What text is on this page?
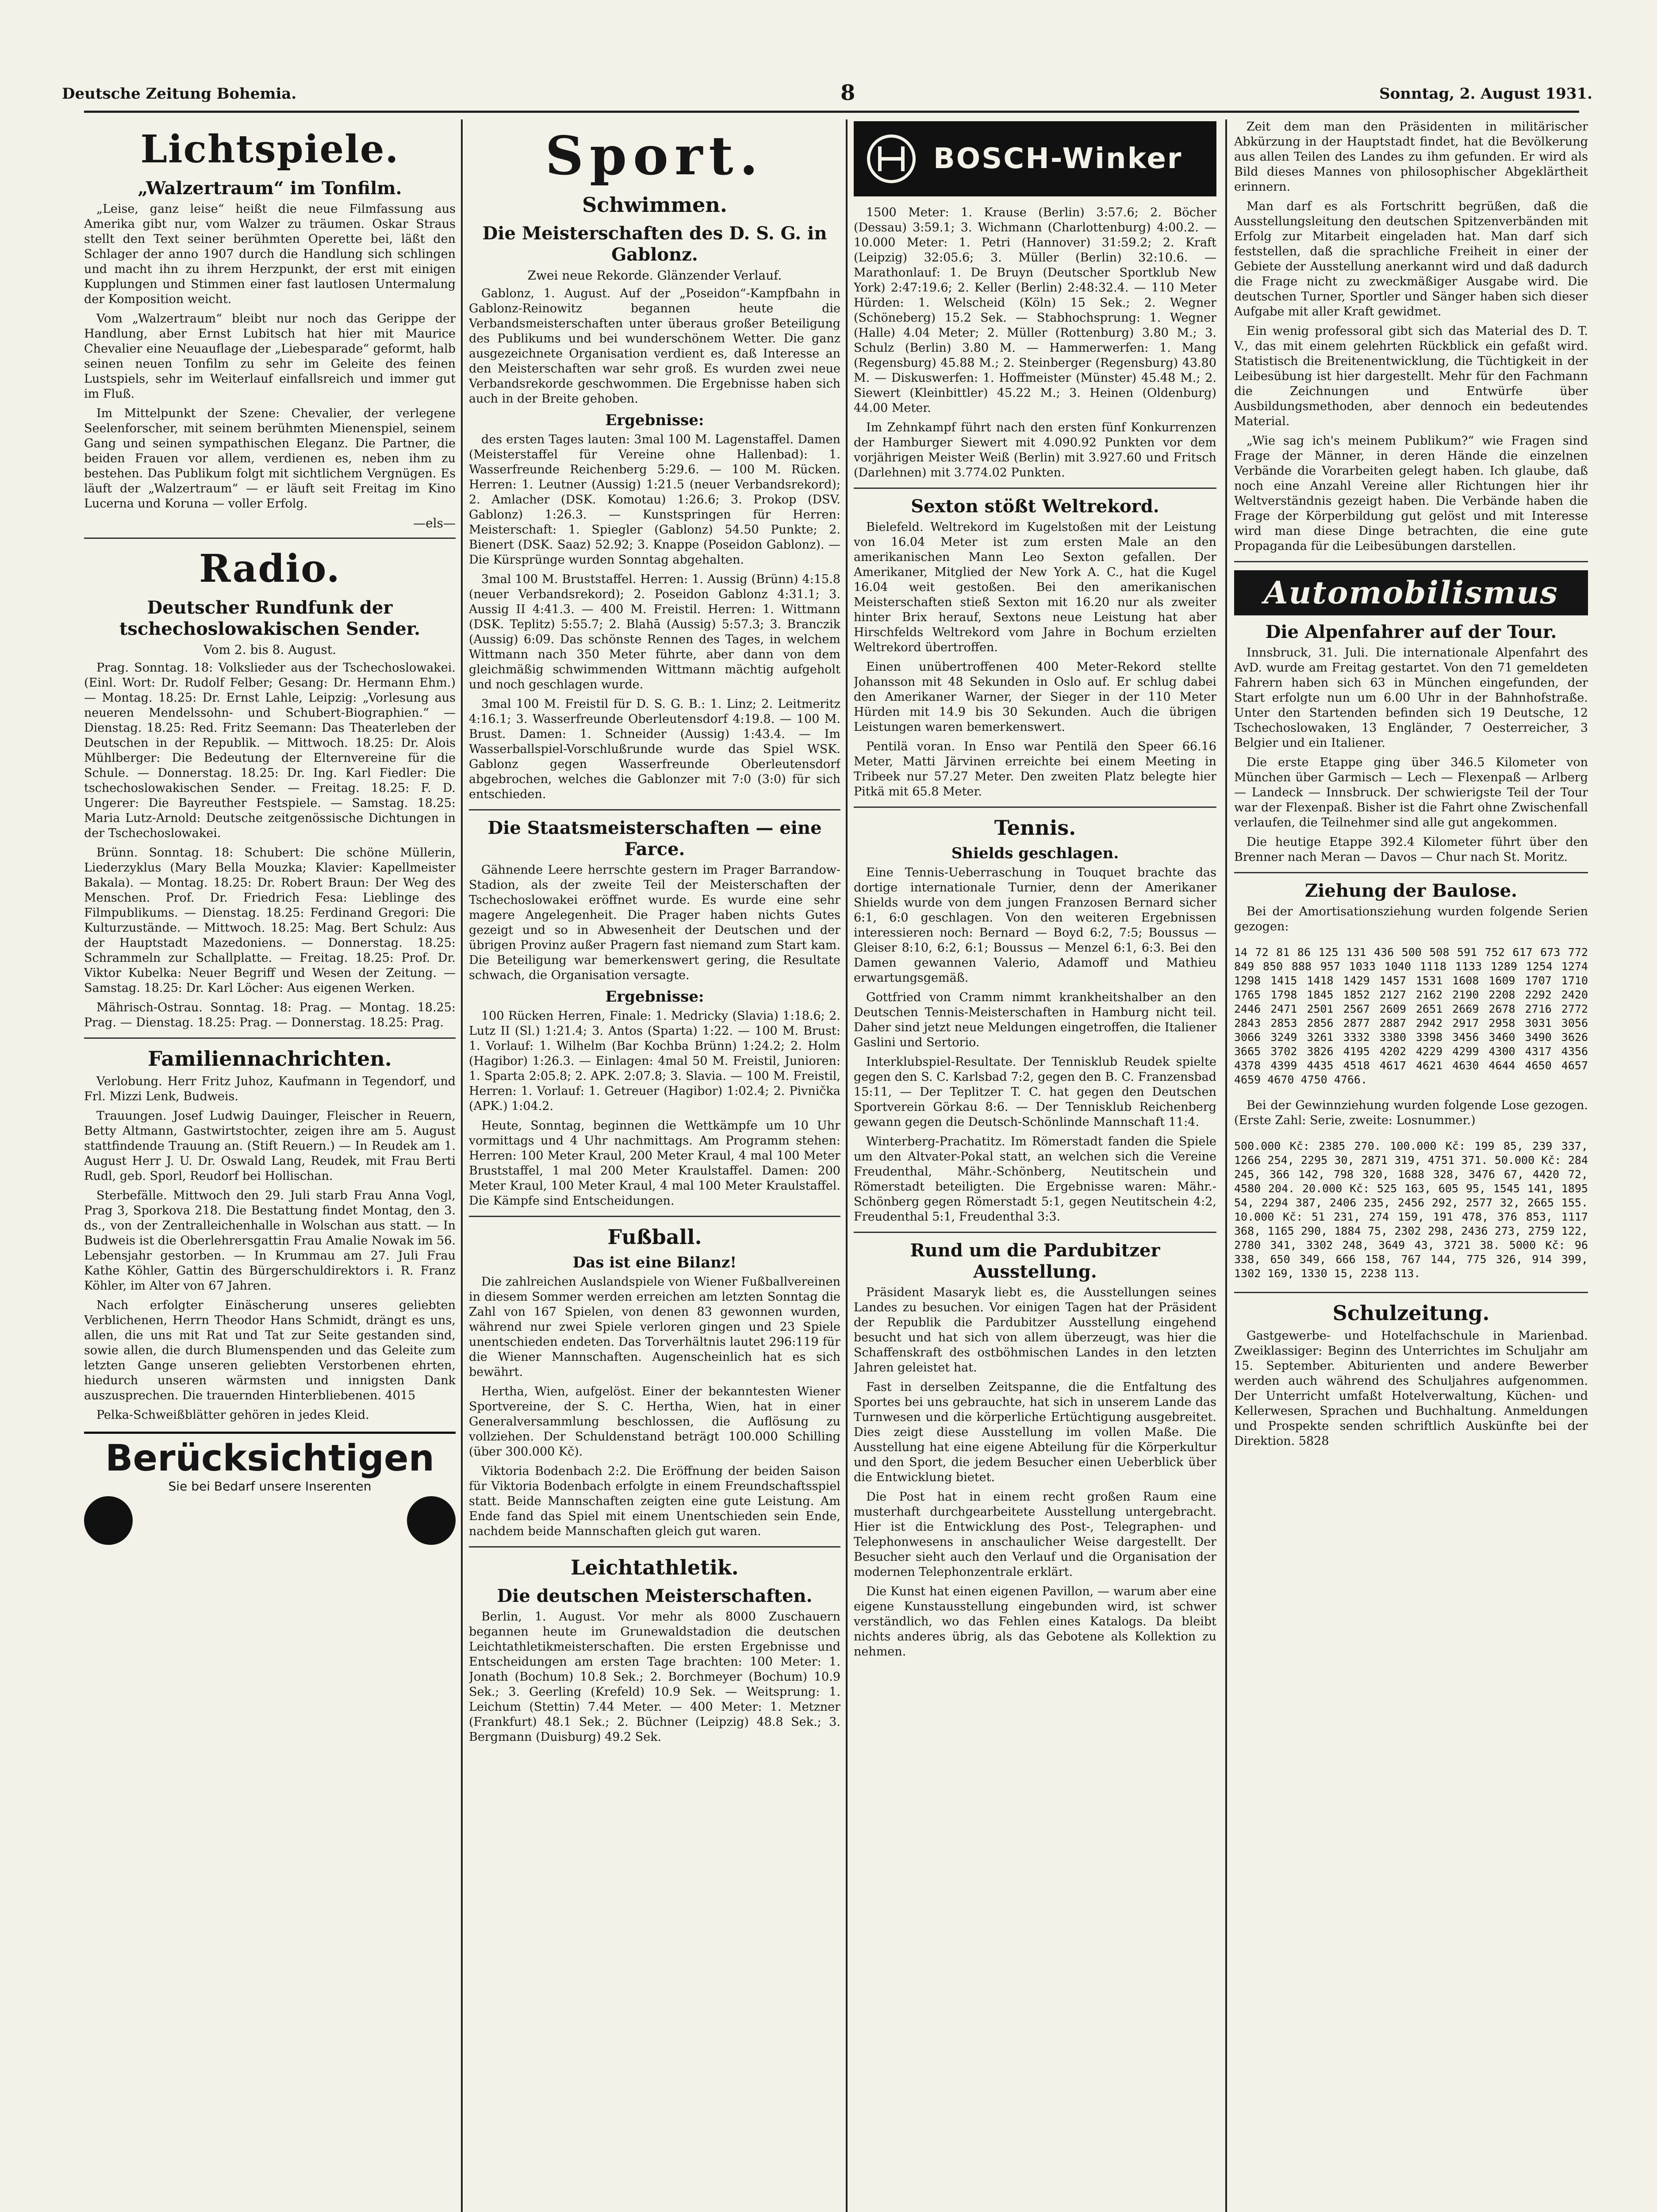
Deutsche Zeitung Bohemia.	8	Sonntag, 2. August 1931.
Lichtspiele.
„Walzertraum“ im Tonfilm.

„Leise, ganz leise“ heißt die neue Filmfassung aus Amerika gibt nur, vom Walzer zu träumen. Oskar Straus stellt den Text seiner berühmten Operette bei, läßt den Schlager der anno 1907 durch die Handlung sich schlingen und macht ihn zu ihrem Herzpunkt, der erst mit einigen Kupplungen und Stimmen einer fast lautlosen Untermalung der Komposition weicht.

Vom „Walzertraum“ bleibt nur noch das Gerippe der Handlung, aber Ernst Lubitsch hat hier mit Maurice Chevalier eine Neuauflage der „Liebesparade“ geformt, halb seinen neuen Tonfilm zu sehr im Geleite des feinen Lustspiels, sehr im Weiterlauf einfallsreich und immer gut im Fluß.

Im Mittelpunkt der Szene: Chevalier, der verlegene Seelenforscher, mit seinem berühmten Mienenspiel, seinem Gang und seinen sympathischen Eleganz. Die Partner, die beiden Frauen vor allem, verdienen es, neben ihm zu bestehen. Das Publikum folgt mit sichtlichem Vergnügen. Es läuft der „Walzertraum“ — er läuft seit Freitag im Kino Lucerna und Koruna — voller Erfolg.

—els—
Radio.
Deutscher Rundfunk der tschechoslowakischen Sender.
Vom 2. bis 8. August.

Prag. Sonntag. 18: Volkslieder aus der Tschechoslowakei. (Einl. Wort: Dr. Rudolf Felber; Gesang: Dr. Hermann Ehm.) — Montag. 18.25: Dr. Ernst Lahle, Leipzig: „Vorlesung aus neueren Mendelssohn- und Schubert-Biographien.“ — Dienstag. 18.25: Red. Fritz Seemann: Das Theaterleben der Deutschen in der Republik. — Mittwoch. 18.25: Dr. Alois Mühlberger: Die Bedeutung der Elternvereine für die Schule. — Donnerstag. 18.25: Dr. Ing. Karl Fiedler: Die tschechoslowakischen Sender. — Freitag. 18.25: F. D. Ungerer: Die Bayreuther Festspiele. — Samstag. 18.25: Maria Lutz-Arnold: Deutsche zeitgenössische Dichtungen in der Tschechoslowakei.

Brünn. Sonntag. 18: Schubert: Die schöne Müllerin, Liederzyklus (Mary Bella Mouzka; Klavier: Kapellmeister Bakala). — Montag. 18.25: Dr. Robert Braun: Der Weg des Menschen. Prof. Dr. Friedrich Fesa: Lieblinge des Filmpublikums. — Dienstag. 18.25: Ferdinand Gregori: Die Kulturzustände. — Mittwoch. 18.25: Mag. Bert Schulz: Aus der Hauptstadt Mazedoniens. — Donnerstag. 18.25: Schrammeln zur Schallplatte. — Freitag. 18.25: Prof. Dr. Viktor Kubelka: Neuer Begriff und Wesen der Zeitung. — Samstag. 18.25: Dr. Karl Löcher: Aus eigenen Werken.

Mährisch-Ostrau. Sonntag. 18: Prag. — Montag. 18.25: Prag. — Dienstag. 18.25: Prag. — Donnerstag. 18.25: Prag.

Familiennachrichten.

Verlobung. Herr Fritz Juhoz, Kaufmann in Tegendorf, und Frl. Mizzi Lenk, Budweis.

Trauungen. Josef Ludwig Dauinger, Fleischer in Reuern, Betty Altmann, Gastwirtstochter, zeigen ihre am 5. August stattfindende Trauung an. (Stift Reuern.) — In Reudek am 1. August Herr J. U. Dr. Oswald Lang, Reudek, mit Frau Berti Rudl, geb. Sporl, Reudorf bei Hollischan.

Sterbefälle. Mittwoch den 29. Juli starb Frau Anna Vogl, Prag 3, Sporkova 218. Die Bestattung findet Montag, den 3. ds., von der Zentralleichenhalle in Wolschan aus statt. — In Budweis ist die Oberlehrersgattin Frau Amalie Nowak im 56. Lebensjahr gestorben. — In Krummau am 27. Juli Frau Kathe Köhler, Gattin des Bürgerschuldirektors i. R. Franz Köhler, im Alter von 67 Jahren.

Nach erfolgter Einäscherung unseres geliebten Verblichenen, Herrn Theodor Hans Schmidt, drängt es uns, allen, die uns mit Rat und Tat zur Seite gestanden sind, sowie allen, die durch Blumenspenden und das Geleite zum letzten Gange unseren geliebten Verstorbenen ehrten, hiedurch unseren wärmsten und innigsten Dank auszusprechen. Die trauernden Hinterbliebenen. 4015

Pelka-Schweißblätter gehören in jedes Kleid.

Berücksichtigen
Sie bei Bedarf unsere Inserenten
Sport.
Schwimmen.
Die Meisterschaften des D. S. G. in Gablonz.
Zwei neue Rekorde. Glänzender Verlauf.

Gablonz, 1. August. Auf der „Poseidon“-Kampfbahn in Gablonz-Reinowitz begannen heute die Verbandsmeisterschaften unter überaus großer Beteiligung des Publikums und bei wunderschönem Wetter. Die ganz ausgezeichnete Organisation verdient es, daß Interesse an den Meisterschaften war sehr groß. Es wurden zwei neue Verbandsrekorde geschwommen. Die Ergebnisse haben sich auch in der Breite gehoben.

Ergebnisse:

des ersten Tages lauten: 3mal 100 M. Lagenstaffel. Damen (Meisterstaffel für Vereine ohne Hallenbad): 1. Wasserfreunde Reichenberg 5:29.6. — 100 M. Rücken. Herren: 1. Leutner (Aussig) 1:21.5 (neuer Verbandsrekord); 2. Amlacher (DSK. Komotau) 1:26.6; 3. Prokop (DSV. Gablonz) 1:26.3. — Kunstspringen für Herren: Meisterschaft: 1. Spiegler (Gablonz) 54.50 Punkte; 2. Bienert (DSK. Saaz) 52.92; 3. Knappe (Poseidon Gablonz). — Die Kürsprünge wurden Sonntag abgehalten.

3mal 100 M. Bruststaffel. Herren: 1. Aussig (Brünn) 4:15.8 (neuer Verbandsrekord); 2. Poseidon Gablonz 4:31.1; 3. Aussig II 4:41.3. — 400 M. Freistil. Herren: 1. Wittmann (DSK. Teplitz) 5:55.7; 2. Blahā (Aussig) 5:57.3; 3. Branczik (Aussig) 6:09. Das schönste Rennen des Tages, in welchem Wittmann nach 350 Meter führte, aber dann von dem gleichmäßig schwimmenden Wittmann mächtig aufgeholt und noch geschlagen wurde.

3mal 100 M. Freistil für D. S. G. B.: 1. Linz; 2. Leitmeritz 4:16.1; 3. Wasserfreunde Oberleutensdorf 4:19.8. — 100 M. Brust. Damen: 1. Schneider (Aussig) 1:43.4. — Im Wasserballspiel-Vorschlußrunde wurde das Spiel WSK. Gablonz gegen Wasserfreunde Oberleutensdorf abgebrochen, welches die Gablonzer mit 7:0 (3:0) für sich entschieden.

Die Staatsmeisterschaften — eine Farce.

Gähnende Leere herrschte gestern im Prager Barrandow-Stadion, als der zweite Teil der Meisterschaften der Tschechoslowakei eröffnet wurde. Es wurde eine sehr magere Angelegenheit. Die Prager haben nichts Gutes gezeigt und so in Abwesenheit der Deutschen und der übrigen Provinz außer Pragern fast niemand zum Start kam. Die Beteiligung war bemerkenswert gering, die Resultate schwach, die Organisation versagte.

Ergebnisse:

100 Rücken Herren, Finale: 1. Medricky (Slavia) 1:18.6; 2. Lutz II (Sl.) 1:21.4; 3. Antos (Sparta) 1:22. — 100 M. Brust: 1. Vorlauf: 1. Wilhelm (Bar Kochba Brünn) 1:24.2; 2. Holm (Hagibor) 1:26.3. — Einlagen: 4mal 50 M. Freistil, Junioren: 1. Sparta 2:05.8; 2. APK. 2:07.8; 3. Slavia. — 100 M. Freistil, Herren: 1. Vorlauf: 1. Getreuer (Hagibor) 1:02.4; 2. Pivnička (APK.) 1:04.2.

Heute, Sonntag, beginnen die Wettkämpfe um 10 Uhr vormittags und 4 Uhr nachmittags. Am Programm stehen: Herren: 100 Meter Kraul, 200 Meter Kraul, 4 mal 100 Meter Bruststaffel, 1 mal 200 Meter Kraulstaffel. Damen: 200 Meter Kraul, 100 Meter Kraul, 4 mal 100 Meter Kraulstaffel. Die Kämpfe sind Entscheidungen.

Fußball.
Das ist eine Bilanz!

Die zahlreichen Auslandspiele von Wiener Fußballvereinen in diesem Sommer werden erreichen am letzten Sonntag die Zahl von 167 Spielen, von denen 83 gewonnen wurden, während nur zwei Spiele verloren gingen und 23 Spiele unentschieden endeten. Das Torverhältnis lautet 296:119 für die Wiener Mannschaften. Augenscheinlich hat es sich bewährt.

Hertha, Wien, aufgelöst. Einer der bekanntesten Wiener Sportvereine, der S. C. Hertha, Wien, hat in einer Generalversammlung beschlossen, die Auflösung zu vollziehen. Der Schuldenstand beträgt 100.000 Schilling (über 300.000 Kč).

Viktoria Bodenbach 2:2. Die Eröffnung der beiden Saison für Viktoria Bodenbach erfolgte in einem Freundschaftsspiel statt. Beide Mannschaften zeigten eine gute Leistung. Am Ende fand das Spiel mit einem Unentschieden sein Ende, nachdem beide Mannschaften gleich gut waren.

Leichtathletik.
Die deutschen Meisterschaften.

Berlin, 1. August. Vor mehr als 8000 Zuschauern begannen heute im Grunewaldstadion die deutschen Leichtathletikmeisterschaften. Die ersten Ergebnisse und Entscheidungen am ersten Tage brachten: 100 Meter: 1. Jonath (Bochum) 10.8 Sek.; 2. Borchmeyer (Bochum) 10.9 Sek.; 3. Geerling (Krefeld) 10.9 Sek. — Weitsprung: 1. Leichum (Stettin) 7.44 Meter. — 400 Meter: 1. Metzner (Frankfurt) 48.1 Sek.; 2. Büchner (Leipzig) 48.8 Sek.; 3. Bergmann (Duisburg) 49.2 Sek.

BOSCH-Winker

1500 Meter: 1. Krause (Berlin) 3:57.6; 2. Böcher (Dessau) 3:59.1; 3. Wichmann (Charlottenburg) 4:00.2. — 10.000 Meter: 1. Petri (Hannover) 31:59.2; 2. Kraft (Leipzig) 32:05.6; 3. Müller (Berlin) 32:10.6. — Marathonlauf: 1. De Bruyn (Deutscher Sportklub New York) 2:47:19.6; 2. Keller (Berlin) 2:48:32.4. — 110 Meter Hürden: 1. Welscheid (Köln) 15 Sek.; 2. Wegner (Schöneberg) 15.2 Sek. — Stabhochsprung: 1. Wegner (Halle) 4.04 Meter; 2. Müller (Rottenburg) 3.80 M.; 3. Schulz (Berlin) 3.80 M. — Hammerwerfen: 1. Mang (Regensburg) 45.88 M.; 2. Steinberger (Regensburg) 43.80 M. — Diskuswerfen: 1. Hoffmeister (Münster) 45.48 M.; 2. Siewert (Kleinbittler) 45.22 M.; 3. Heinen (Oldenburg) 44.00 Meter.

Im Zehnkampf führt nach den ersten fünf Konkurrenzen der Hamburger Siewert mit 4.090.92 Punkten vor dem vorjährigen Meister Weiß (Berlin) mit 3.927.60 und Fritsch (Darlehnen) mit 3.774.02 Punkten.

Sexton stößt Weltrekord.

Bielefeld. Weltrekord im Kugelstoßen mit der Leistung von 16.04 Meter ist zum ersten Male an den amerikanischen Mann Leo Sexton gefallen. Der Amerikaner, Mitglied der New York A. C., hat die Kugel 16.04 weit gestoßen. Bei den amerikanischen Meisterschaften stieß Sexton mit 16.20 nur als zweiter hinter Brix herauf, Sextons neue Leistung hat aber Hirschfelds Weltrekord vom Jahre in Bochum erzielten Weltrekord übertroffen.

Einen unübertroffenen 400 Meter-Rekord stellte Johansson mit 48 Sekunden in Oslo auf. Er schlug dabei den Amerikaner Warner, der Sieger in der 110 Meter Hürden mit 14.9 bis 30 Sekunden. Auch die übrigen Leistungen waren bemerkenswert.

Pentilä voran. In Enso war Pentilä den Speer 66.16 Meter, Matti Järvinen erreichte bei einem Meeting in Tribeek nur 57.27 Meter. Den zweiten Platz belegte hier Pitkä mit 65.8 Meter.

Tennis.
Shields geschlagen.

Eine Tennis-Ueberraschung in Touquet brachte das dortige internationale Turnier, denn der Amerikaner Shields wurde von dem jungen Franzosen Bernard sicher 6:1, 6:0 geschlagen. Von den weiteren Ergebnissen interessieren noch: Bernard — Boyd 6:2, 7:5; Boussus — Gleiser 8:10, 6:2, 6:1; Boussus — Menzel 6:1, 6:3. Bei den Damen gewannen Valerio, Adamoff und Mathieu erwartungsgemäß.

Gottfried von Cramm nimmt krankheitshalber an den Deutschen Tennis-Meisterschaften in Hamburg nicht teil. Daher sind jetzt neue Meldungen eingetroffen, die Italiener Gaslini und Sertorio.

Interklubspiel-Resultate. Der Tennisklub Reudek spielte gegen den S. C. Karlsbad 7:2, gegen den B. C. Franzensbad 15:11, — Der Teplitzer T. C. hat gegen den Deutschen Sportverein Görkau 8:6. — Der Tennisklub Reichenberg gewann gegen die Deutsch-Schönlinde Mannschaft 11:4.

Winterberg-Prachatitz. Im Römerstadt fanden die Spiele um den Altvater-Pokal statt, an welchen sich die Vereine Freudenthal, Mähr.-Schönberg, Neutitschein und Römerstadt beteiligten. Die Ergebnisse waren: Mähr.-Schönberg gegen Römerstadt 5:1, gegen Neutitschein 4:2, Freudenthal 5:1, Freudenthal 3:3.

Rund um die Pardubitzer Ausstellung.

Präsident Masaryk liebt es, die Ausstellungen seines Landes zu besuchen. Vor einigen Tagen hat der Präsident der Republik die Pardubitzer Ausstellung eingehend besucht und hat sich von allem überzeugt, was hier die Schaffenskraft des ostböhmischen Landes in den letzten Jahren geleistet hat.

Fast in derselben Zeitspanne, die die Entfaltung des Sportes bei uns gebrauchte, hat sich in unserem Lande das Turnwesen und die körperliche Ertüchtigung ausgebreitet. Dies zeigt diese Ausstellung im vollen Maße. Die Ausstellung hat eine eigene Abteilung für die Körperkultur und den Sport, die jedem Besucher einen Ueberblick über die Entwicklung bietet.

Die Post hat in einem recht großen Raum eine musterhaft durchgearbeitete Ausstellung untergebracht. Hier ist die Entwicklung des Post-, Telegraphen- und Telephonwesens in anschaulicher Weise dargestellt. Der Besucher sieht auch den Verlauf und die Organisation der modernen Telephonzentrale erklärt.

Die Kunst hat einen eigenen Pavillon, — warum aber eine eigene Kunstausstellung eingebunden wird, ist schwer verständlich, wo das Fehlen eines Katalogs. Da bleibt nichts anderes übrig, als das Gebotene als Kollektion zu nehmen.

Zeit dem man den Präsidenten in militärischer Abkürzung in der Hauptstadt findet, hat die Bevölkerung aus allen Teilen des Landes zu ihm gefunden. Er wird als Bild dieses Mannes von philosophischer Abgeklärtheit erinnern.

Man darf es als Fortschritt begrüßen, daß die Ausstellungsleitung den deutschen Spitzenverbänden mit Erfolg zur Mitarbeit eingeladen hat. Man darf sich feststellen, daß die sprachliche Freiheit in einer der Gebiete der Ausstellung anerkannt wird und daß dadurch die Frage nicht zu zweckmäßiger Ausgabe wird. Die deutschen Turner, Sportler und Sänger haben sich dieser Aufgabe mit aller Kraft gewidmet.

Ein wenig professoral gibt sich das Material des D. T. V., das mit einem gelehrten Rückblick ein gefaßt wird. Statistisch die Breitenentwicklung, die Tüchtigkeit in der Leibesübung ist hier dargestellt. Mehr für den Fachmann die Zeichnungen und Entwürfe über Ausbildungsmethoden, aber dennoch ein bedeutendes Material.

„Wie sag ich's meinem Publikum?“ wie Fragen sind Frage der Männer, in deren Hände die einzelnen Verbände die Vorarbeiten gelegt haben. Ich glaube, daß noch eine Anzahl Vereine aller Richtungen hier ihr Weltverständnis gezeigt haben. Die Verbände haben die Frage der Körperbildung gut gelöst und mit Interesse wird man diese Dinge betrachten, die eine gute Propaganda für die Leibesübungen darstellen.

Automobilismus
Die Alpenfahrer auf der Tour.

Innsbruck, 31. Juli. Die internationale Alpenfahrt des AvD. wurde am Freitag gestartet. Von den 71 gemeldeten Fahrern haben sich 63 in München eingefunden, der Start erfolgte nun um 6.00 Uhr in der Bahnhofstraße. Unter den Startenden befinden sich 19 Deutsche, 12 Tschechoslowaken, 13 Engländer, 7 Oesterreicher, 3 Belgier und ein Italiener.

Die erste Etappe ging über 346.5 Kilometer von München über Garmisch — Lech — Flexenpaß — Arlberg — Landeck — Innsbruck. Der schwierigste Teil der Tour war der Flexenpaß. Bisher ist die Fahrt ohne Zwischenfall verlaufen, die Teilnehmer sind alle gut angekommen.

Die heutige Etappe 392.4 Kilometer führt über den Brenner nach Meran — Davos — Chur nach St. Moritz.

Ziehung der Baulose.

Bei der Amortisationsziehung wurden folgende Serien gezogen:

14 72 81 86 125 131 436 500 508 591 752 617 673 772 849 850 888 957 1033 1040 1118 1133 1289 1254 1274 1298 1415 1418 1429 1457 1531 1608 1609 1707 1710 1765 1798 1845 1852 2127 2162 2190 2208 2292 2420 2446 2471 2501 2567 2609 2651 2669 2678 2716 2772 2843 2853 2856 2877 2887 2942 2917 2958 3031 3056 3066 3249 3261 3332 3380 3398 3456 3460 3490 3626 3665 3702 3826 4195 4202 4229 4299 4300 4317 4356 4378 4399 4435 4518 4617 4621 4630 4644 4650 4657 4659 4670 4750 4766.

Bei der Gewinnziehung wurden folgende Lose gezogen. (Erste Zahl: Serie, zweite: Losnummer.)

500.000 Kč: 2385 270. 100.000 Kč: 199 85, 239 337, 1266 254, 2295 30, 2871 319, 4751 371. 50.000 Kč: 284 245, 366 142, 798 320, 1688 328, 3476 67, 4420 72, 4580 204. 20.000 Kč: 525 163, 605 95, 1545 141, 1895 54, 2294 387, 2406 235, 2456 292, 2577 32, 2665 155. 10.000 Kč: 51 231, 274 159, 191 478, 376 853, 1117 368, 1165 290, 1884 75, 2302 298, 2436 273, 2759 122, 2780 341, 3302 248, 3649 43, 3721 38. 5000 Kč: 96 338, 650 349, 666 158, 767 144, 775 326, 914 399, 1302 169, 1330 15, 2238 113.

Schulzeitung.

Gastgewerbe- und Hotelfachschule in Marienbad. Zweiklassiger: Beginn des Unterrichtes im Schuljahr am 15. September. Abiturienten und andere Bewerber werden auch während des Schuljahres aufgenommen. Der Unterricht umfaßt Hotelverwaltung, Küchen- und Kellerwesen, Sprachen und Buchhaltung. Anmeldungen und Prospekte senden schriftlich Auskünfte bei der Direktion. 5828
